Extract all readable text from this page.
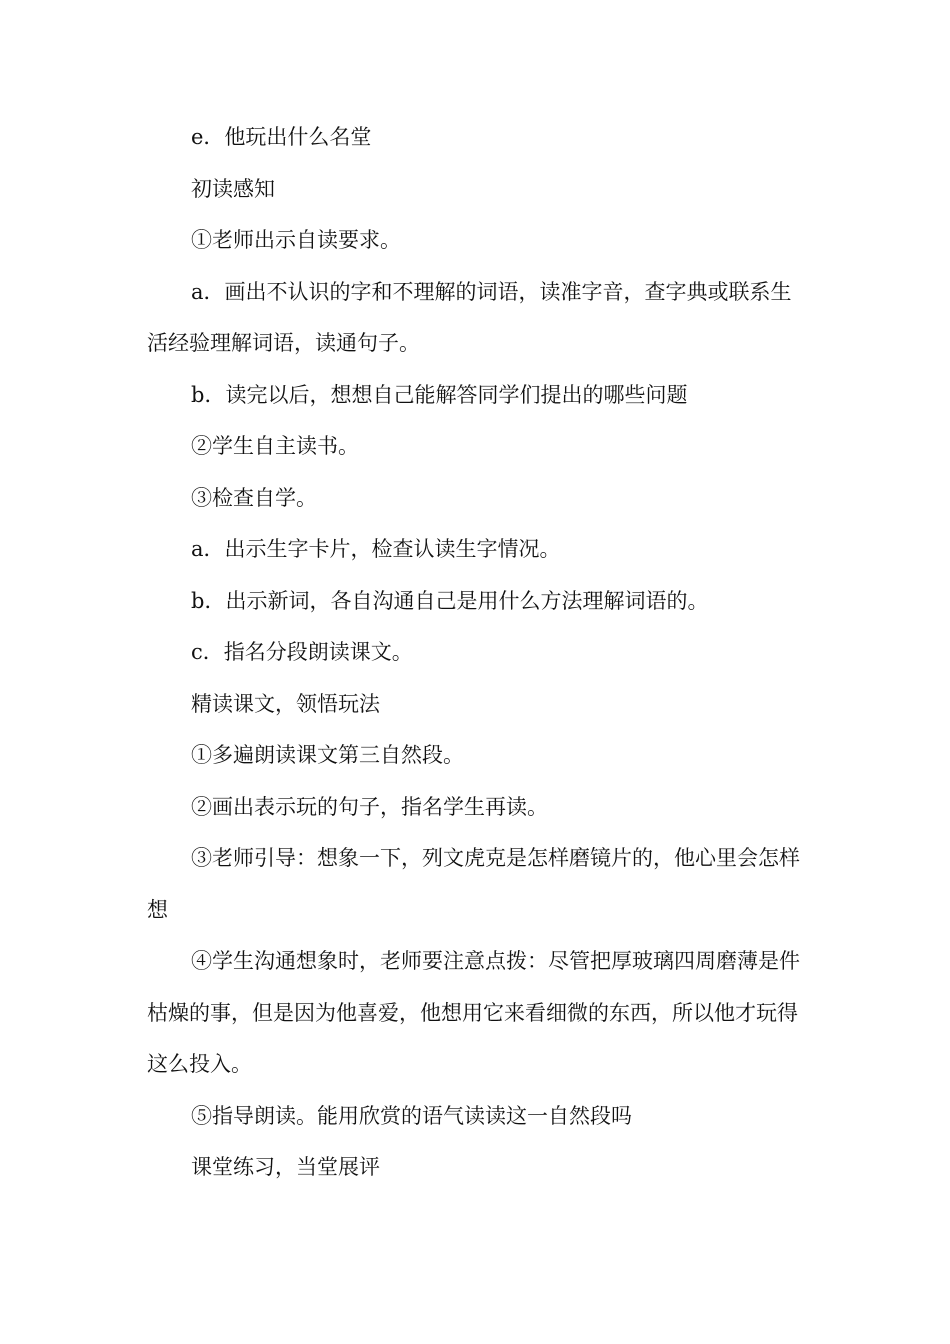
e．他玩出什么名堂

初读感知

①老师出示自读要求。

a．画出不认识的字和不理解的词语，读准字音，查字典或联系生活经验理解词语，读通句子。

b．读完以后，想想自己能解答同学们提出的哪些问题

②学生自主读书。

③检查自学。

a．出示生字卡片，检查认读生字情况。

b．出示新词，各自沟通自己是用什么方法理解词语的。

c．指名分段朗读课文。

精读课文，领悟玩法

①多遍朗读课文第三自然段。

②画出表示玩的句子，指名学生再读。

③老师引导：想象一下，列文虎克是怎样磨镜片的，他心里会怎样想

④学生沟通想象时，老师要注意点拨：尽管把厚玻璃四周磨薄是件枯燥的事，但是因为他喜爱，他想用它来看细微的东西，所以他才玩得这么投入。

⑤指导朗读。能用欣赏的语气读读这一自然段吗

课堂练习，当堂展评
